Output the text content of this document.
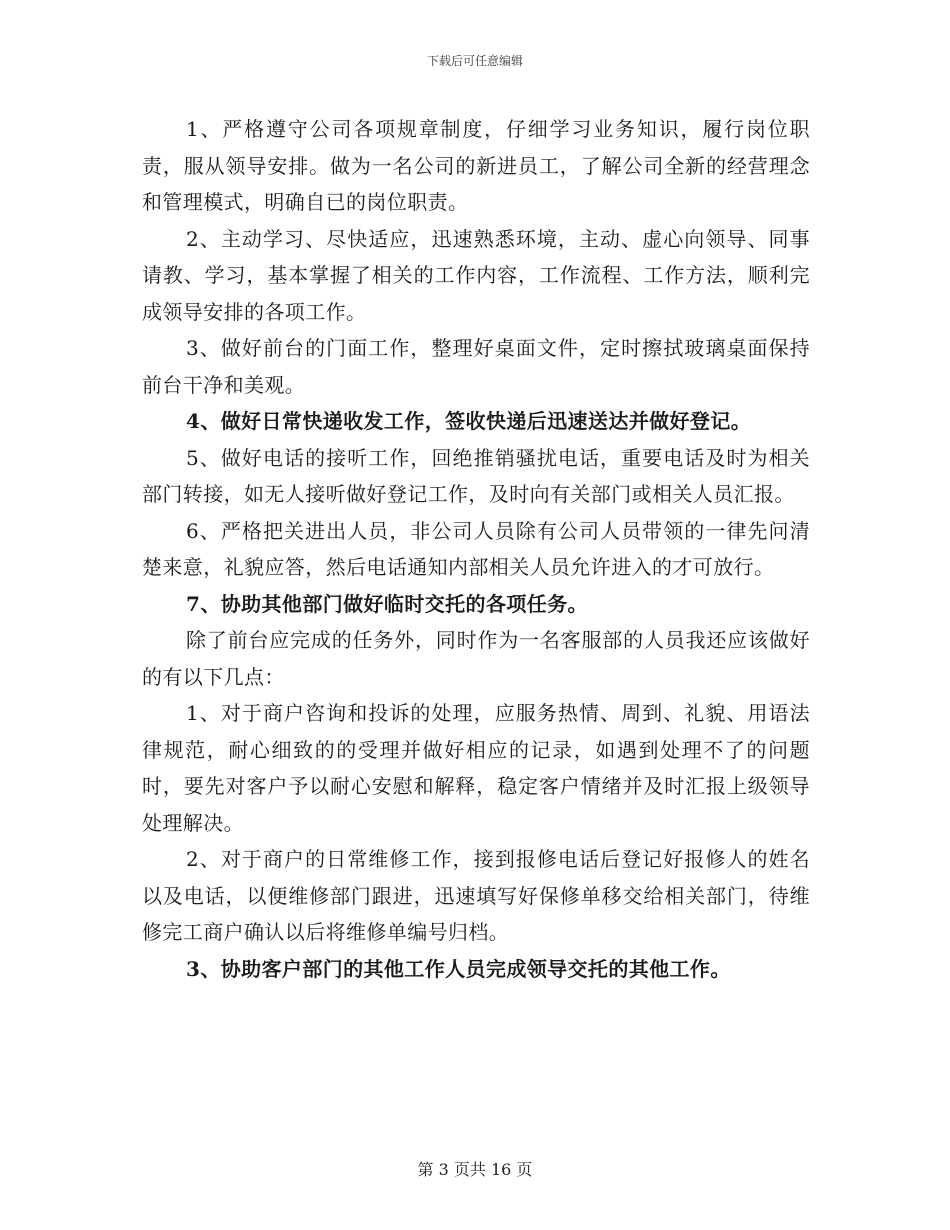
下载后可任意编辑

1、严格遵守公司各项规章制度，仔细学习业务知识，履行岗位职责，服从领导安排。做为一名公司的新进员工，了解公司全新的经营理念和管理模式，明确自已的岗位职责。

2、主动学习、尽快适应，迅速熟悉环境，主动、虚心向领导、同事请教、学习，基本掌握了相关的工作内容，工作流程、工作方法，顺利完成领导安排的各项工作。

3、做好前台的门面工作，整理好桌面文件，定时擦拭玻璃桌面保持前台干净和美观。

4、做好日常快递收发工作，签收快递后迅速送达并做好登记。

5、做好电话的接听工作，回绝推销骚扰电话，重要电话及时为相关部门转接，如无人接听做好登记工作，及时向有关部门或相关人员汇报。

6、严格把关进出人员，非公司人员除有公司人员带领的一律先问清楚来意，礼貌应答，然后电话通知内部相关人员允许进入的才可放行。

7、协助其他部门做好临时交托的各项任务。

除了前台应完成的任务外，同时作为一名客服部的人员我还应该做好的有以下几点：

1、对于商户咨询和投诉的处理，应服务热情、周到、礼貌、用语法律规范，耐心细致的的受理并做好相应的记录，如遇到处理不了的问题时，要先对客户予以耐心安慰和解释，稳定客户情绪并及时汇报上级领导处理解决。

2、对于商户的日常维修工作，接到报修电话后登记好报修人的姓名以及电话，以便维修部门跟进，迅速填写好保修单移交给相关部门，待维修完工商户确认以后将维修单编号归档。

3、协助客户部门的其他工作人员完成领导交托的其他工作。

第 3 页共 16 页
